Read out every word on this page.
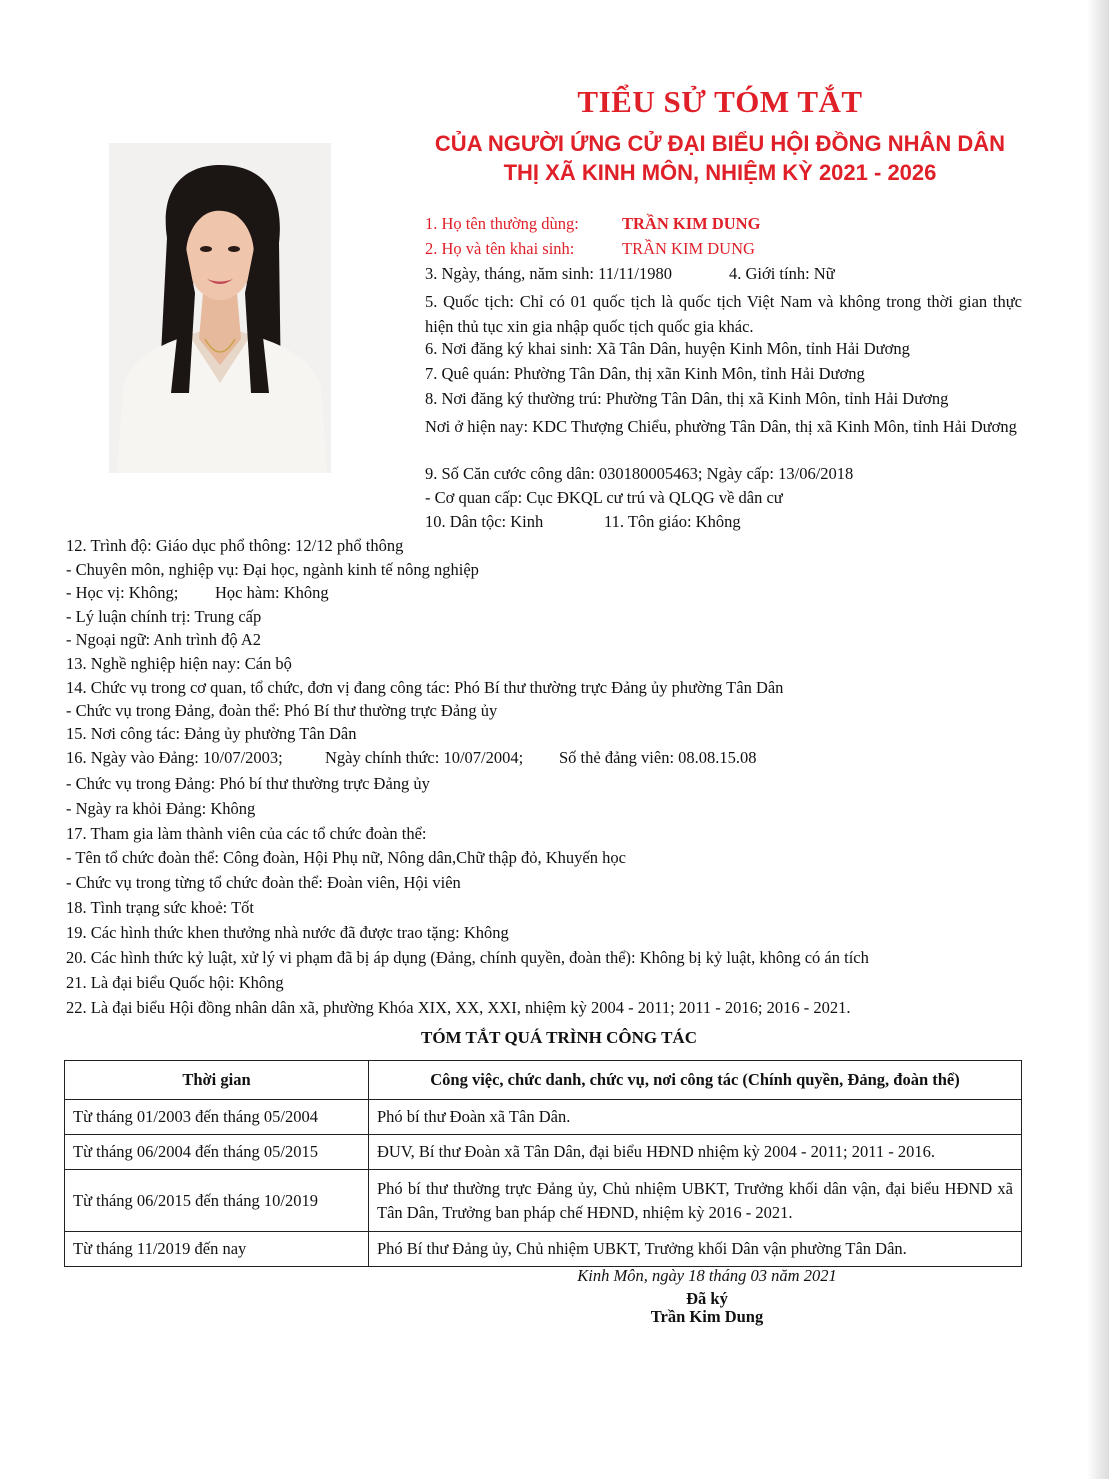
TIỂU SỬ TÓM TẮT
CỦA NGƯỜI ỨNG CỬ ĐẠI BIỂU HỘI ĐỒNG NHÂN DÂN
THỊ XÃ KINH MÔN, NHIỆM KỲ 2021 - 2026
1. Họ tên thường dùng:	TRẦN KIM DUNG
2. Họ và tên khai sinh:	TRẦN KIM DUNG
3. Ngày, tháng, năm sinh: 11/11/1980	4. Giới tính: Nữ
5. Quốc tịch: Chỉ có 01 quốc tịch là quốc tịch Việt Nam và không trong thời gian thực hiện thủ tục xin gia nhập quốc tịch quốc gia khác.
6. Nơi đăng ký khai sinh: Xã Tân Dân, huyện Kinh Môn, tỉnh Hải Dương
7. Quê quán: Phường Tân Dân, thị xãn Kinh Môn, tỉnh Hải Dương
8. Nơi đăng ký thường trú: Phường Tân Dân, thị xã Kinh Môn, tỉnh Hải Dương
Nơi ở hiện nay: KDC Thượng Chiểu, phường Tân Dân, thị xã Kinh Môn, tỉnh Hải Dương
9. Số Căn cước công dân: 030180005463; Ngày cấp: 13/06/2018
- Cơ quan cấp: Cục ĐKQL cư trú và QLQG về dân cư
10. Dân tộc: Kinh	11. Tôn giáo: Không
12. Trình độ: Giáo dục phổ thông: 12/12 phổ thông
- Chuyên môn, nghiệp vụ: Đại học, ngành kinh tế nông nghiệp
- Học vị: Không; Học hàm: Không
- Lý luận chính trị: Trung cấp
- Ngoại ngữ: Anh trình độ A2
13. Nghề nghiệp hiện nay: Cán bộ
14. Chức vụ trong cơ quan, tổ chức, đơn vị đang công tác: Phó Bí thư thường trực Đảng ủy phường Tân Dân
- Chức vụ trong Đảng, đoàn thể: Phó Bí thư thường trực Đảng ủy
15. Nơi công tác: Đảng ủy phường Tân Dân
16. Ngày vào Đảng: 10/07/2003;	Ngày chính thức: 10/07/2004; Số thẻ đảng viên: 08.08.15.08
- Chức vụ trong Đảng: Phó bí thư thường trực Đảng ủy
- Ngày ra khỏi Đảng: Không
17. Tham gia làm thành viên của các tổ chức đoàn thể:
- Tên tổ chức đoàn thể: Công đoàn, Hội Phụ nữ, Nông dân,Chữ thập đỏ, Khuyến học
- Chức vụ trong từng tổ chức đoàn thể: Đoàn viên, Hội viên
18. Tình trạng sức khoẻ: Tốt
19. Các hình thức khen thưởng nhà nước đã được trao tặng: Không
20. Các hình thức kỷ luật, xử lý vi phạm đã bị áp dụng (Đảng, chính quyền, đoàn thể): Không bị kỷ luật, không có án tích
21. Là đại biểu Quốc hội: Không
22. Là đại biểu Hội đồng nhân dân xã, phường Khóa XIX, XX, XXI, nhiệm kỳ 2004 - 2011; 2011 - 2016; 2016 - 2021.
TÓM TẮT QUÁ TRÌNH CÔNG TÁC
Thời gian	Công việc, chức danh, chức vụ, nơi công tác (Chính quyền, Đảng, đoàn thể)
Từ tháng 01/2003 đến tháng 05/2004	Phó bí thư Đoàn xã Tân Dân.
Từ tháng 06/2004 đến tháng 05/2015	ĐUV, Bí thư Đoàn xã Tân Dân, đại biểu HĐND nhiệm kỳ 2004 - 2011; 2011 - 2016.
Từ tháng 06/2015 đến tháng 10/2019	Phó bí thư thường trực Đảng ủy, Chủ nhiệm UBKT, Trưởng khối dân vận, đại biểu HĐND xã Tân Dân, Trưởng ban pháp chế HĐND, nhiệm kỳ 2016 - 2021.
Từ tháng 11/2019 đến nay	Phó Bí thư Đảng ủy, Chủ nhiệm UBKT, Trưởng khối Dân vận phường Tân Dân.
Kinh Môn, ngày 18 tháng 03 năm 2021
Đã ký
Trần Kim Dung
